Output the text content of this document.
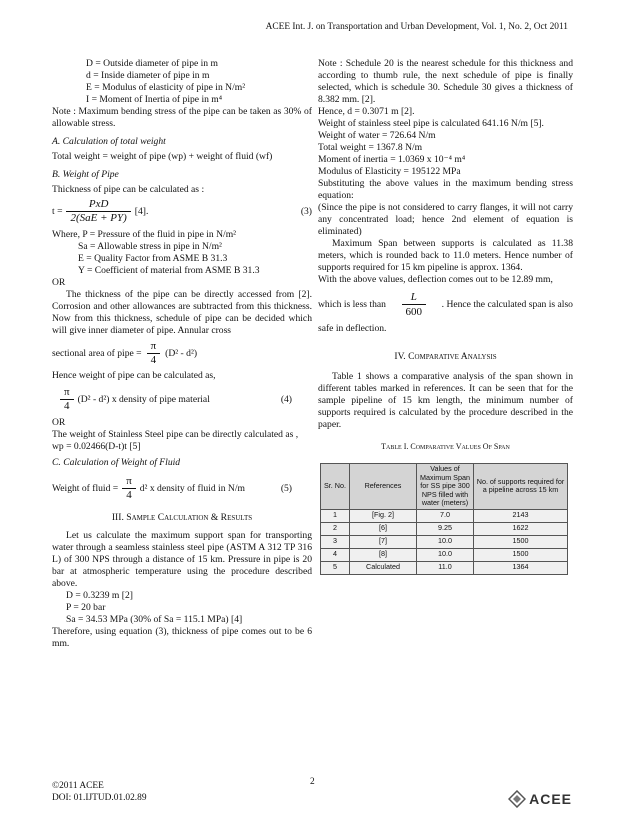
ACEE Int. J. on Transportation and Urban Development, Vol. 1, No. 2, Oct 2011
D = Outside diameter of pipe in m
d = Inside diameter of pipe in m
E = Modulus of elasticity of pipe in N/m²
I = Moment of Inertia of pipe in m⁴

Note : Maximum bending stress of the pipe can be taken as 30% of allowable stress.

A. Calculation of total weight
Total weight = weight of pipe (wp) + weight of fluid (wf)
B. Weight of Pipe
Thickness of pipe can be calculated as :
$t = \frac{\text{PxD}}{\text{2(SaE + PY)}} [4]$.	(3)
Where, P = Pressure of the fluid in pipe in N/m²
Sa = Allowable stress in pipe in N/m²
E = Quality Factor from ASME B 31.3
Y = Coefficient of material from ASME B 31.3
OR

The thickness of the pipe can be directly accessed from [2]. Corrosion and other allowances are subtracted from this thickness. Now from this thickness, schedule of pipe can be decided which will give inner diameter of pipe. Annular cross

sectional area of pipe = $\frac{\pi}{4} (D^2 - d^2)$
Hence weight of pipe can be calculated as,
$\frac{\pi}{4} (D^2 - d^2)$ x density of pipe material	(4)
OR

The weight of Stainless Steel pipe can be directly calculated as ,

wp = 0.02466(D-t)t [5]
C. Calculation of Weight of Fluid
Weight of fluid = $\frac{\pi}{4} d^2$ x density of fluid in N/m	(5)
III. Sample Calculation & Results

Let us calculate the maximum support span for transporting water through a seamless stainless steel pipe (ASTM A 312 TP 316 L) of 300 NPS through a distance of 15 km. Pressure in pipe is 20 bar at atmospheric temperature using the procedure described above.

D = 0.3239 m [2]
P = 20 bar
Sa = 34.53 MPa (30% of Sa = 115.1 MPa) [4]

Therefore, using equation (3), thickness of pipe comes out to be 6 mm.

Note : Schedule 20 is the nearest schedule for this thickness and according to thumb rule, the next schedule of pipe is finally selected, which is schedule 30. Schedule 30 gives a thickness of 8.382 mm. [2].

Hence, d = 0.3071 m [2].
Weight of stainless steel pipe is calculated 641.16 N/m [5].
Weight of water = 726.64 N/m
Total weight = 1367.8 N/m
Moment of inertia = 1.0369 x 10⁻⁴ m⁴
Modulus of Elasticity = 195122 MPa

Substituting the above values in the maximum bending stress equation:

(Since the pipe is not considered to carry flanges, it will not carry any concentrated load; hence 2nd element of equation is eliminated)

Maximum Span between supports is calculated as 11.38 meters, which is rounded back to 11.0 meters. Hence number of supports required for 15 km pipeline is approx. 1364.

With the above values, deflection comes out to be 12.89 mm,
which is less than $\frac{L}{600}$ . Hence the calculated span is also
safe in deflection.
IV. Comparative Analysis

Table 1 shows a comparative analysis of the span shown in different tables marked in references. It can be seen that for the sample pipeline of 15 km length, the minimum number of supports required is calculated by the procedure described in the paper.

Table I. Comparative Values Of Span
Sr. No.	References	Values of Maximum Span for SS pipe 300 NPS filled with water (meters)	No. of supports required for a pipeline across 15 km
1	[Fig. 2]	7.0	2143
2	[6]	9.25	1622
3	[7]	10.0	1500
4	[8]	10.0	1500
5	Calculated	11.0	1364
2
©2011 ACEE
DOI: 01.IJTUD.01.02.89	ACEE
